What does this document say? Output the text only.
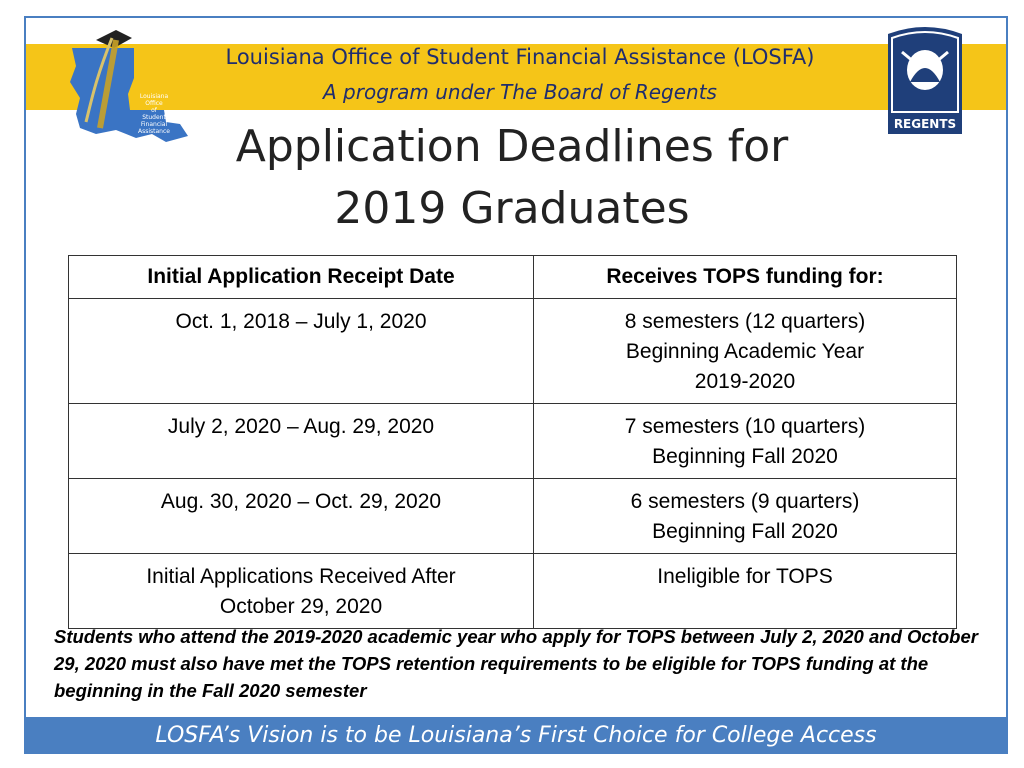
Louisiana
Office
of
Student
Financial
Assistance
REGENTS
Louisiana Office of Student Financial Assistance (LOSFA)
A program under The Board of Regents
Application Deadlines for
2019 Graduates
Initial Application Receipt Date	Receives TOPS funding for:

Oct. 1, 2018 – July 1, 2020	8 semesters (12 quarters)
Beginning Academic Year
2019-2020

July 2, 2020 – Aug. 29, 2020	7 semesters (10 quarters)
Beginning Fall 2020

Aug. 30, 2020 – Oct. 29, 2020	6 semesters (9 quarters)
Beginning Fall 2020

Initial Applications Received After
October 29, 2020	Ineligible for TOPS
Students who attend the 2019-2020 academic year who apply for TOPS between July 2, 2020 and October 29, 2020 must also have met the TOPS retention requirements to be eligible for TOPS funding at the beginning in the Fall 2020 semester
LOSFA’s Vision is to be Louisiana’s First Choice for College Access
